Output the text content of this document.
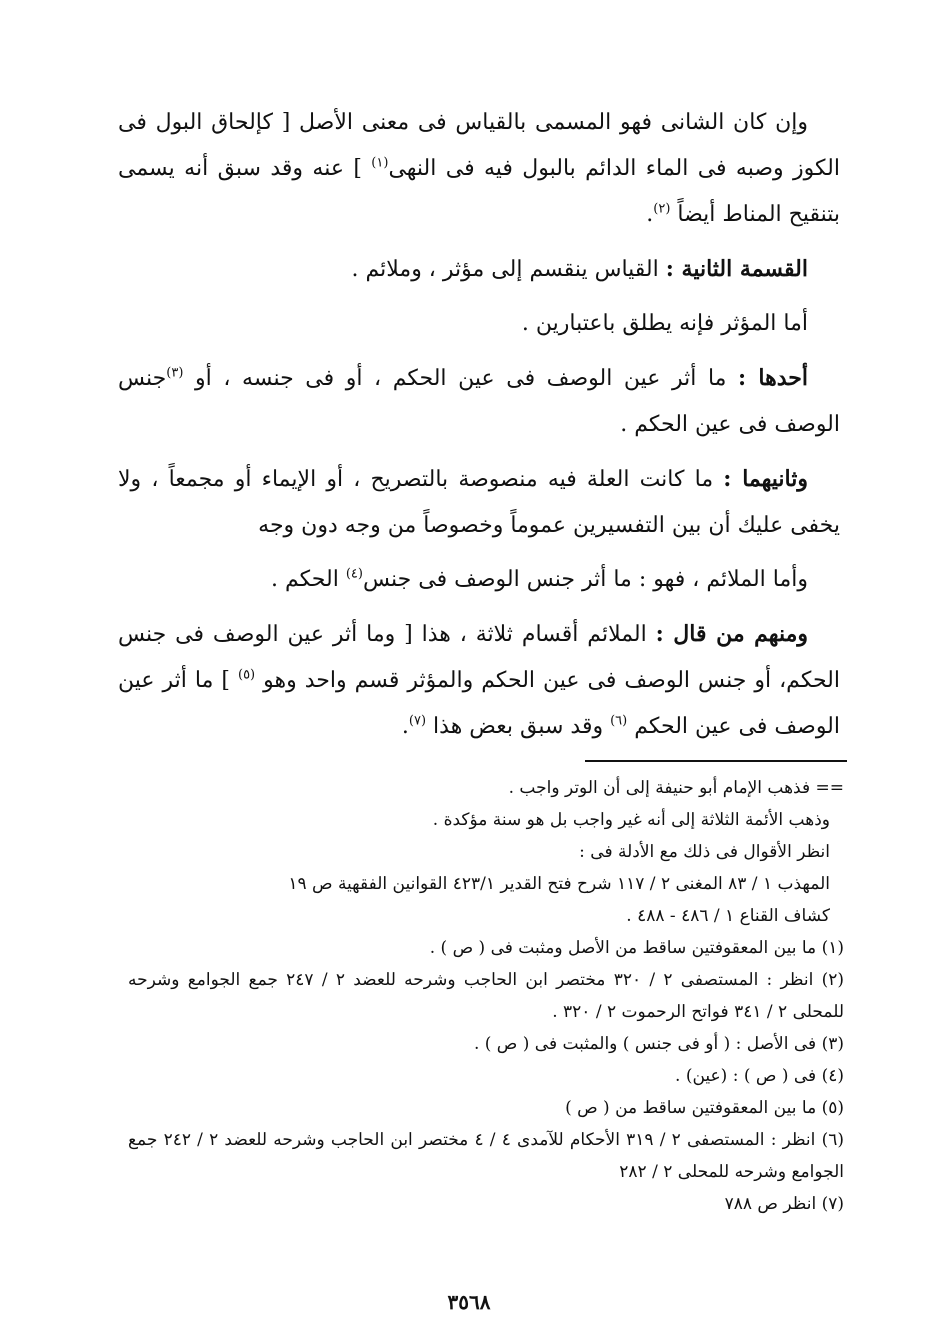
وإن كان الشانى فهو المسمى بالقياس فى معنى الأصل [ كإلحاق البول فى الكوز وصبه فى الماء الدائم بالبول فيه فى النهى$^{(١)}$ ] عنه وقد سبق أنه يسمى بتنقيح المناط أيضاً $^{(٢)}$.

القسمة الثانية : القياس ينقسم إلى مؤثر ، وملائم .

أما المؤثر فإنه يطلق باعتبارين .

أحدها : ما أثر عين الوصف فى عين الحكم ، أو فى جنسه ، أو $^{(٣)}$جنس الوصف فى عين الحكم .

وثانيهما : ما كانت العلة فيه منصوصة بالتصريح ، أو الإيماء أو مجمعاً ، ولا يخفى عليك أن بين التفسيرين عموماً وخصوصاً من وجه دون وجه

وأما الملائم ، فهو : ما أثر جنس الوصف فى جنس$^{(٤)}$ الحكم .

ومنهم من قال : الملائم أقسام ثلاثة ، هذا [ وما أثر عين الوصف فى جنس الحكم، أو جنس الوصف فى عين الحكم والمؤثر قسم واحد وهو $^{(٥)}$ ] ما أثر عين الوصف فى عين الحكم $^{(٦)}$ وقد سبق بعض هذا $^{(٧)}$.

== فذهب الإمام أبو حنيفة إلى أن الوتر واجب .

وذهب الأئمة الثلاثة إلى أنه غير واجب بل هو سنة مؤكدة .

انظر الأقوال فى ذلك مع الأدلة فى :

المهذب ١ / ٨٣ المغنى ٢ / ١١٧ شرح فتح القدير ٤٢٣/١ القوانين الفقهية ص ١٩

كشاف القناع ١ / ٤٨٦ - ٤٨٨ .

(١) ما بين المعقوفتين ساقط من الأصل ومثبت فى ( ص ) .

(٢) انظر : المستصفى ٢ / ٣٢٠ مختصر ابن الحاجب وشرحه للعضد ٢ / ٢٤٧ جمع الجوامع وشرحه للمحلى ٢ / ٣٤١ فواتح الرحموت ٢ / ٣٢٠ .

(٣) فى الأصل : ( أو فى جنس ) والمثبت فى ( ص ) .

(٤) فى ( ص ) : (عين) .

(٥) ما بين المعقوفتين ساقط من ( ص )

(٦) انظر : المستصفى ٢ / ٣١٩ الأحكام للآمدى ٤ / ٤ مختصر ابن الحاجب وشرحه للعضد ٢ / ٢٤٢ جمع الجوامع وشرحه للمحلى ٢ / ٢٨٢

(٧) انظر ص ٧٨٨

٣٥٦٨
